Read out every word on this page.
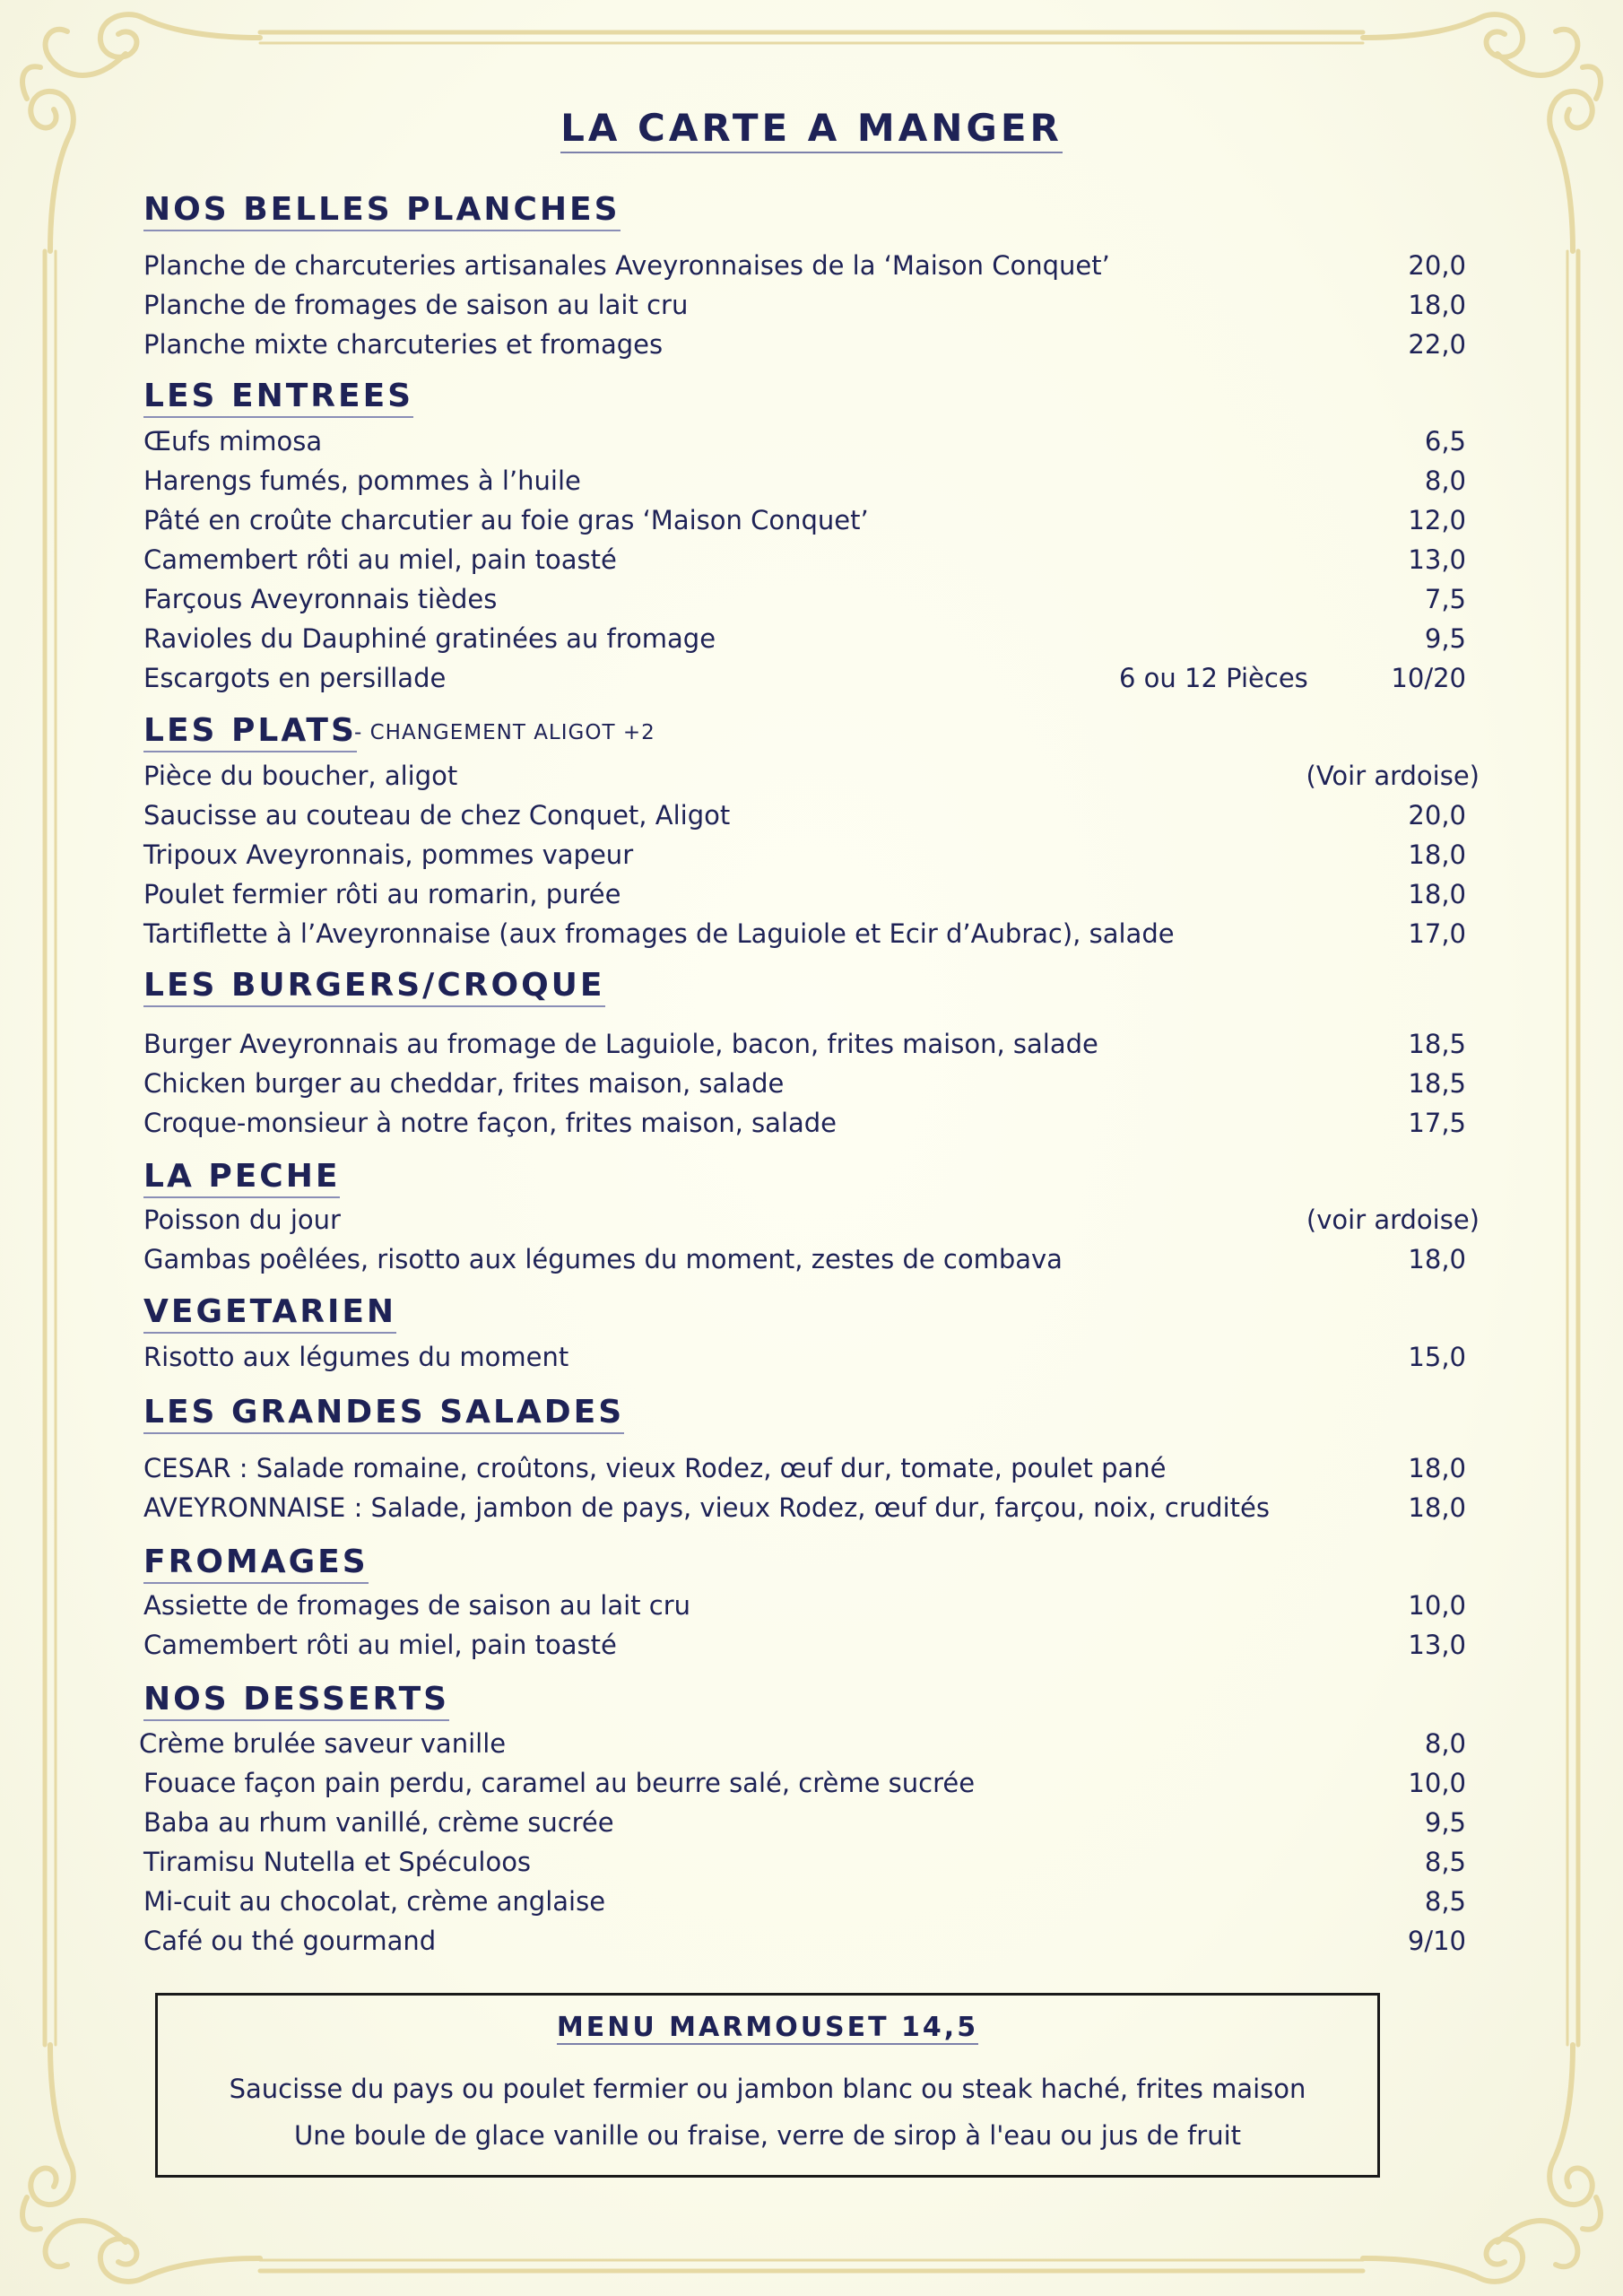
LA CARTE A MANGER
NOS BELLES PLANCHES
Planche de charcuteries artisanales Aveyronnaises de la ‘Maison Conquet’	20,0
Planche de fromages de saison au lait cru	18,0
Planche mixte charcuteries et fromages	22,0
LES ENTREES
Œufs mimosa	6,5
Harengs fumés, pommes à l’huile	8,0
Pâté en croûte charcutier au foie gras ‘Maison Conquet’	12,0
Camembert rôti au miel, pain toasté	13,0
Farçous Aveyronnais tièdes	7,5
Ravioles du Dauphiné gratinées au fromage	9,5
Escargots en persillade	6 ou 12 Pièces	10/20
LES PLATS
- CHANGEMENT ALIGOT +2
Pièce du boucher, aligot	(Voir ardoise)
Saucisse au couteau de chez Conquet, Aligot	20,0
Tripoux Aveyronnais, pommes vapeur	18,0
Poulet fermier rôti au romarin, purée	18,0
Tartiflette à l’Aveyronnaise (aux fromages de Laguiole et Ecir d’Aubrac), salade	17,0
LES BURGERS/CROQUE
Burger Aveyronnais au fromage de Laguiole, bacon, frites maison, salade	18,5
Chicken burger au cheddar, frites maison, salade	18,5
Croque-monsieur à notre façon, frites maison, salade	17,5
LA PECHE
Poisson du jour	(voir ardoise)
Gambas poêlées, risotto aux légumes du moment, zestes de combava	18,0
VEGETARIEN
Risotto aux légumes du moment	15,0
LES GRANDES SALADES
CESAR : Salade romaine, croûtons, vieux Rodez, œuf dur, tomate, poulet pané	18,0
AVEYRONNAISE : Salade, jambon de pays, vieux Rodez, œuf dur, farçou, noix, crudités	18,0
FROMAGES
Assiette de fromages de saison au lait cru	10,0
Camembert rôti au miel, pain toasté	13,0
NOS DESSERTS
Crème brulée saveur vanille	8,0
Fouace façon pain perdu, caramel au beurre salé, crème sucrée	10,0
Baba au rhum vanillé, crème sucrée	9,5
Tiramisu Nutella et Spéculoos	8,5
Mi-cuit au chocolat, crème anglaise	8,5
Café ou thé gourmand	9/10
MENU MARMOUSET 14,5
Saucisse du pays ou poulet fermier ou jambon blanc ou steak haché, frites maison
Une boule de glace vanille ou fraise, verre de sirop à l'eau ou jus de fruit
